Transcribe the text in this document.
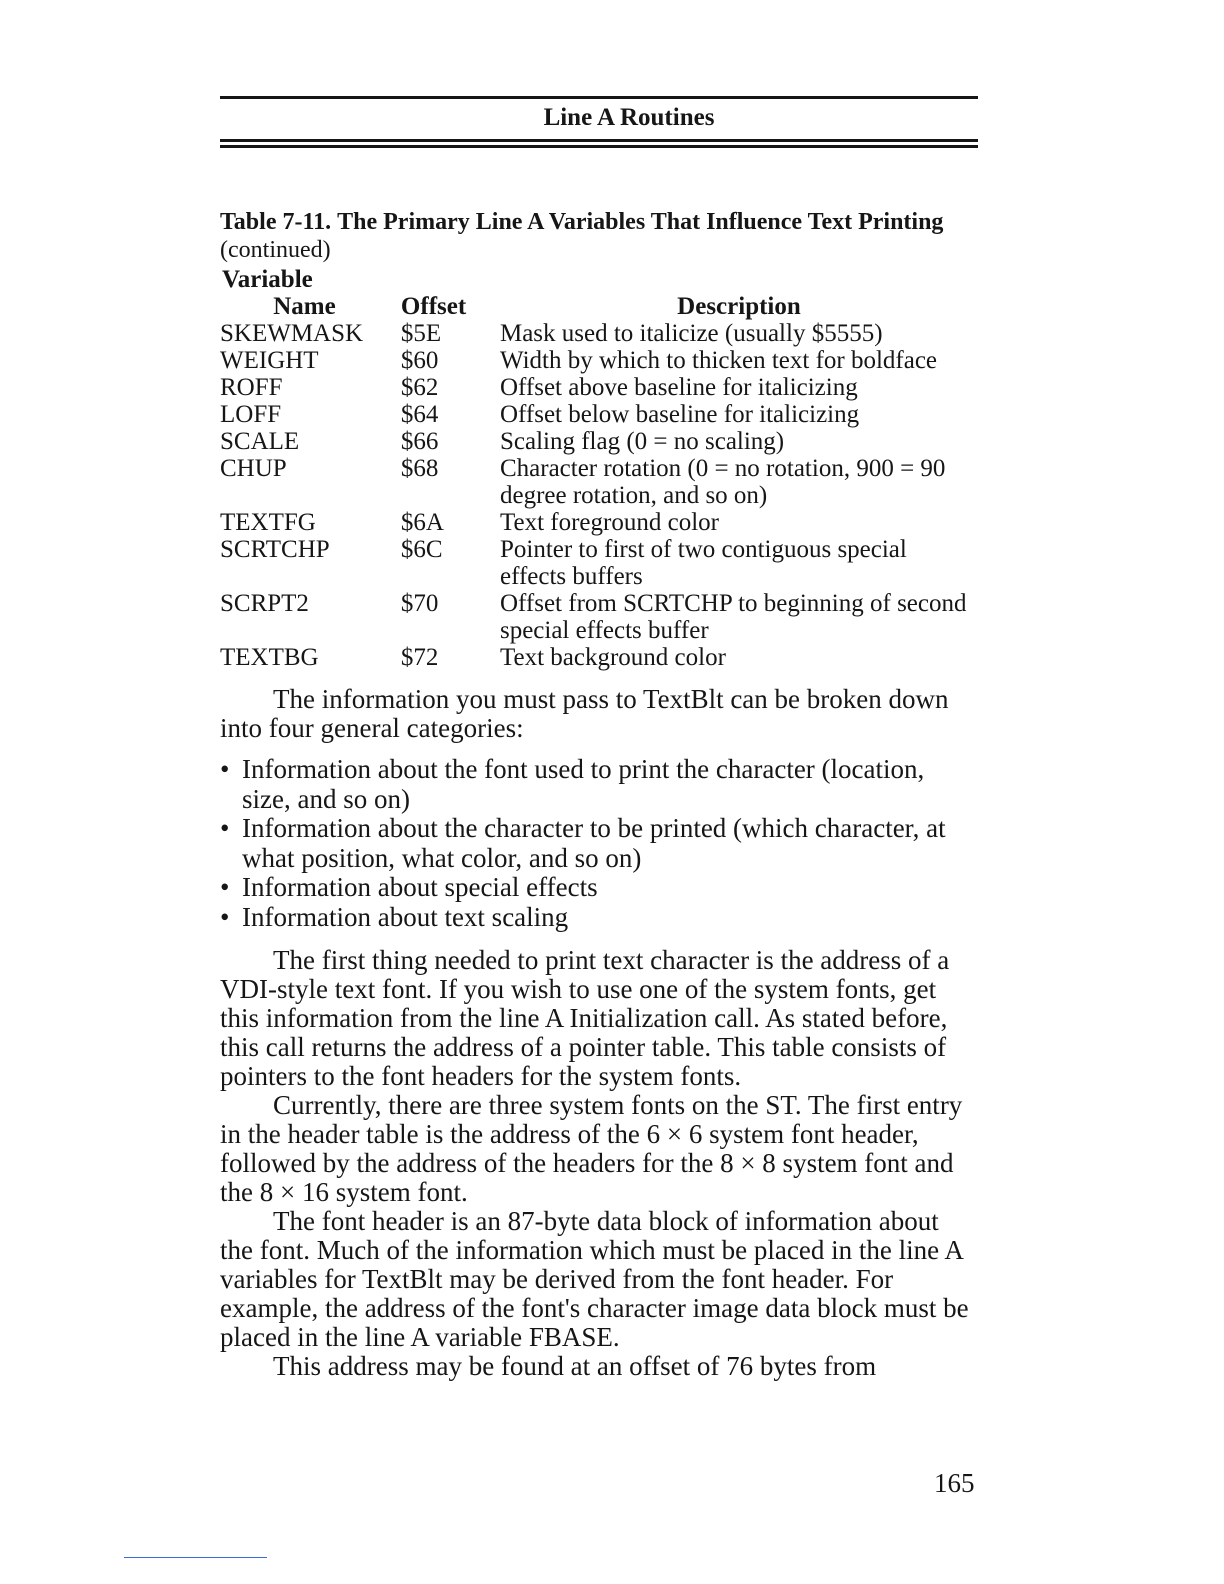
Line A Routines
Table 7-11. The Primary Line A Variables That Influence Text Printing (continued)
Variable
Name	Offset	Description

SKEWMASK	$5E	Mask used to italicize (usually $5555)
WEIGHT	$60	Width by which to thicken text for boldface
ROFF	$62	Offset above baseline for italicizing
LOFF	$64	Offset below baseline for italicizing
SCALE	$66	Scaling flag (0 = no scaling)
CHUP	$68	Character rotation (0 = no rotation, 900 = 90 degree rotation, and so on)
TEXTFG	$6A	Text foreground color
SCRTCHP	$6C	Pointer to first of two contiguous special effects buffers
SCRPT2	$70	Offset from SCRTCHP to beginning of second special effects buffer
TEXTBG	$72	Text background color

The information you must pass to TextBlt can be broken down into four general categories:

• Information about the font used to print the character (location, size, and so on)
• Information about the character to be printed (which character, at what position, what color, and so on)
• Information about special effects
• Information about text scaling

The first thing needed to print text character is the address of a VDI-style text font. If you wish to use one of the system fonts, get this information from the line A Initialization call. As stated before, this call returns the address of a pointer table. This table consists of pointers to the font headers for the system fonts.

Currently, there are three system fonts on the ST. The first entry in the header table is the address of the 6 × 6 system font header, followed by the address of the headers for the 8 × 8 system font and the 8 × 16 system font.

The font header is an 87-byte data block of information about the font. Much of the information which must be placed in the line A variables for TextBlt may be derived from the font header. For example, the address of the font's character image data block must be placed in the line A variable FBASE.

This address may be found at an offset of 76 bytes from

165
